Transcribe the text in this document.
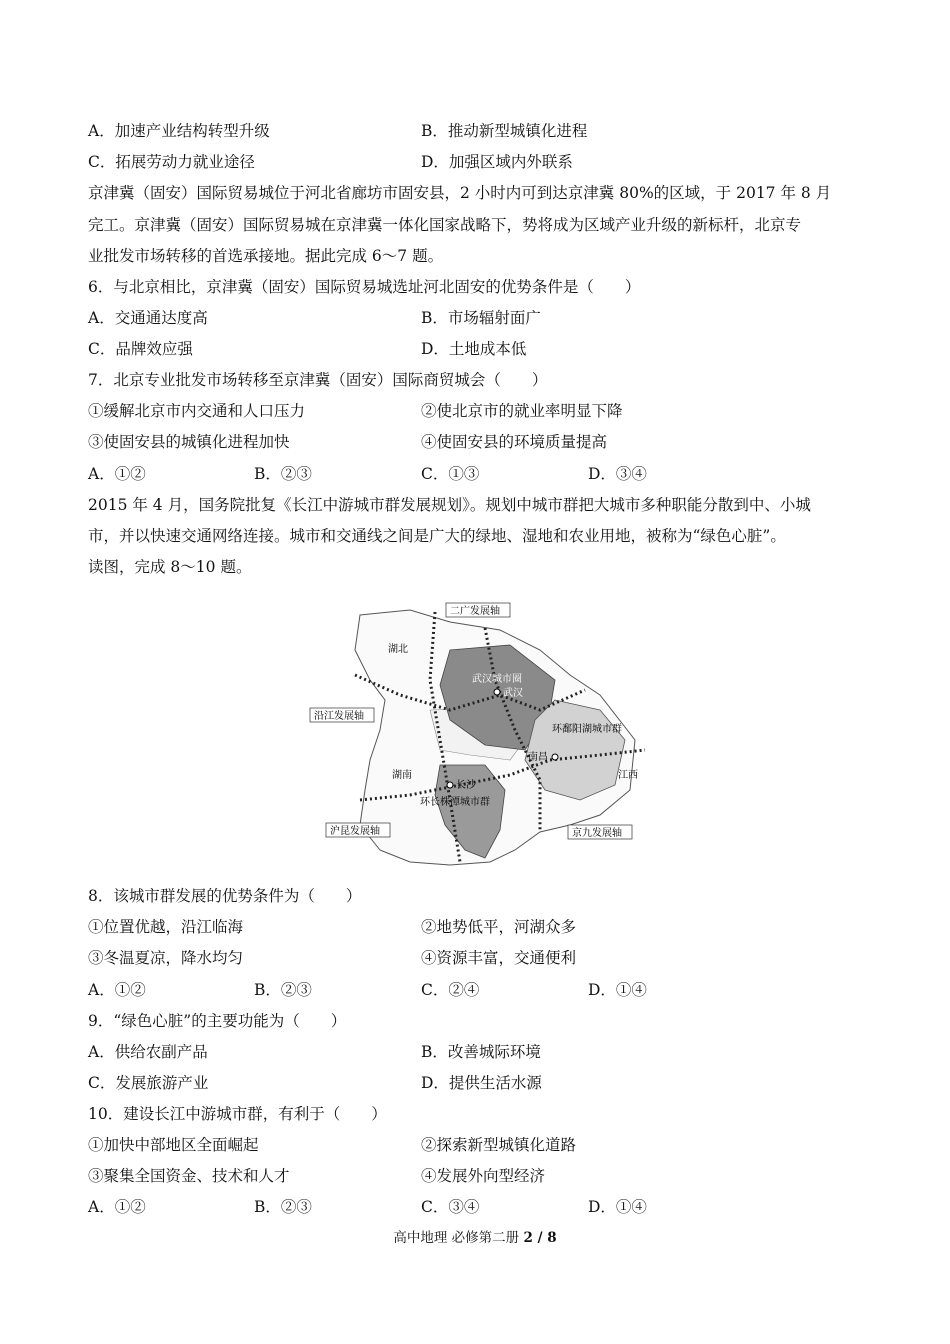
A．加速产业结构转型升级	B．推动新型城镇化进程
C．拓展劳动力就业途径	D．加强区域内外联系
京津冀（固安）国际贸易城位于河北省廊坊市固安县，2 小时内可到达京津冀 80%的区域，于 2017 年 8 月
完工。京津冀（固安）国际贸易城在京津冀一体化国家战略下，势将成为区域产业升级的新标杆，北京专
业批发市场转移的首选承接地。据此完成 6～7 题。
6．与北京相比，京津冀（固安）国际贸易城选址河北固安的优势条件是（　　）
A．交通通达度高	B．市场辐射面广
C．品牌效应强	D．土地成本低
7．北京专业批发市场转移至京津冀（固安）国际商贸城会（　　）
①缓解北京市内交通和人口压力	②使北京市的就业率明显下降
③使固安县的城镇化进程加快	④使固安县的环境质量提高
A．①②	B．②③	C．①③	D．③④
2015 年 4 月，国务院批复《长江中游城市群发展规划》。规划中城市群把大城市多种职能分散到中、小城
市，并以快速交通网络连接。城市和交通线之间是广大的绿地、湿地和农业用地，被称为“绿色心脏”。
读图，完成 8～10 题。
二广发展轴
沿江发展轴
沪昆发展轴	京九发展轴
湖北
湖南	江西
武汉城市圈
武汉
环鄱阳湖城市群
南昌
长沙
环长株潭城市群
8．该城市群发展的优势条件为（　　）
①位置优越，沿江临海	②地势低平，河湖众多
③冬温夏凉，降水均匀	④资源丰富，交通便利
A．①②	B．②③	C．②④	D．①④
9．“绿色心脏”的主要功能为（　　）
A．供给农副产品	B．改善城际环境
C．发展旅游产业	D．提供生活水源
10．建设长江中游城市群，有利于（　　）
①加快中部地区全面崛起	②探索新型城镇化道路
③聚集全国资金、技术和人才	④发展外向型经济
A．①②	B．②③	C．③④	D．①④
高中地理 必修第二册 2 / 8
